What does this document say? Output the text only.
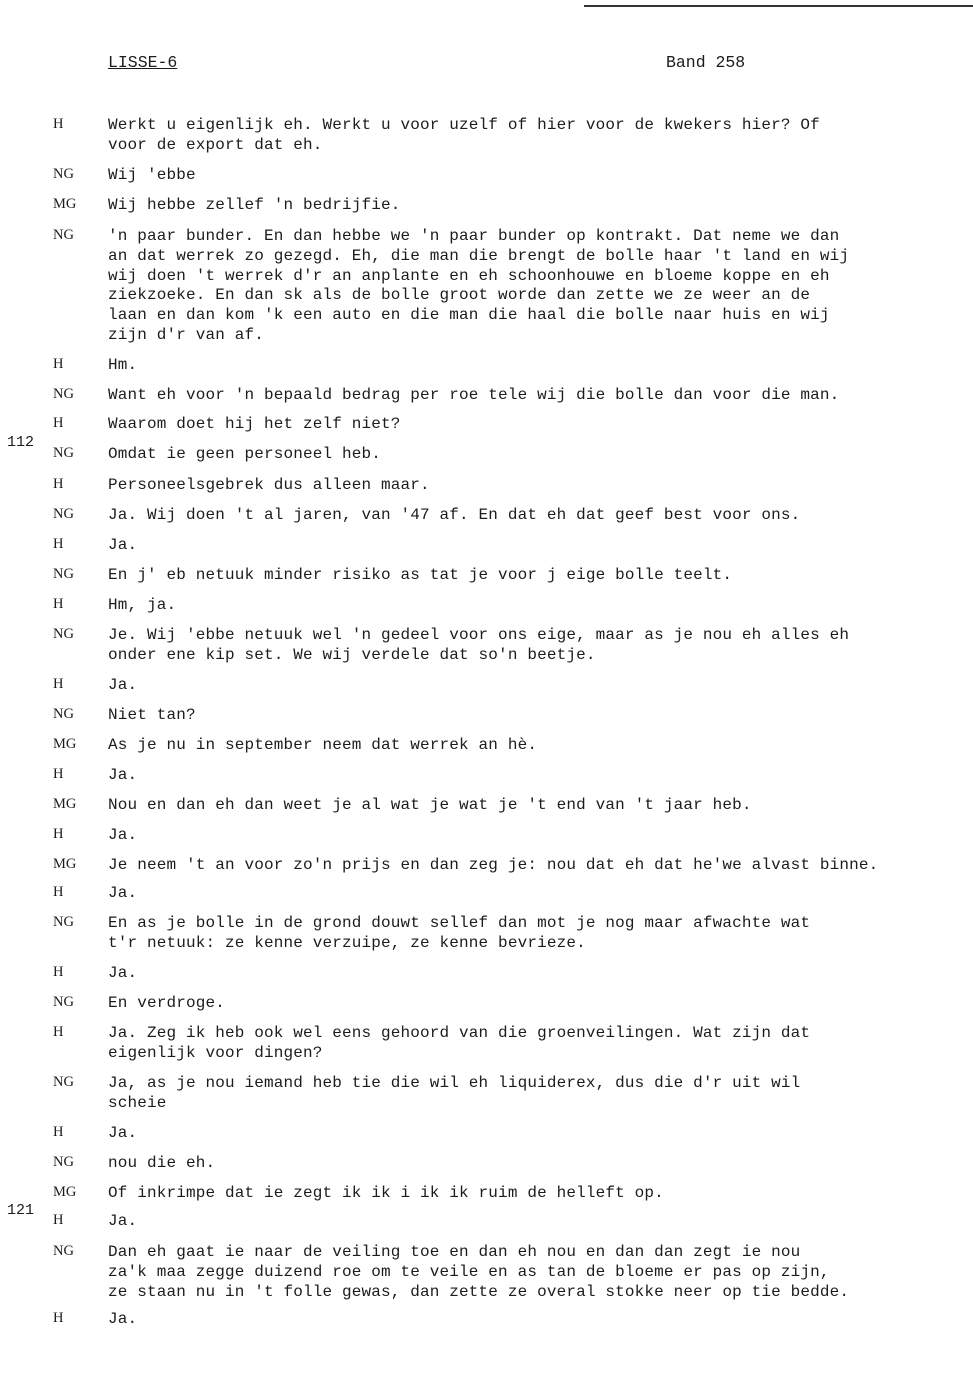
LISSE-6	Band 258
112
121
H	Werkt u eigenlijk eh. Werkt u voor uzelf of hier voor de kwekers hier? Of
voor de export dat eh.
NG Wij 'ebbe
MG Wij hebbe zellef 'n bedrijfie.
NG 'n paar bunder. En dan hebbe we 'n paar bunder op kontrakt. Dat neme we dan
an dat werrek zo gezegd. Eh, die man die brengt de bolle haar 't land en wij
wij doen 't werrek d'r an anplante en eh schoonhouwe en bloeme koppe en eh
ziekzoeke. En dan sk als de bolle groot worde dan zette we ze weer an de
laan en dan kom 'k een auto en die man die haal die bolle naar huis en wij
zijn d'r van af.
H	Hm.
NG Want eh voor 'n bepaald bedrag per roe tele wij die bolle dan voor die man.
H	Waarom doet hij het zelf niet?
NG Omdat ie geen personeel heb.
H	Personeelsgebrek dus alleen maar.
NG Ja. Wij doen 't al jaren, van '47 af. En dat eh dat geef best voor ons.
H	Ja.
NG En j' eb netuuk minder risiko as tat je voor j eige bolle teelt.
H	Hm, ja.
NG Je. Wij 'ebbe netuuk wel 'n gedeel voor ons eige, maar as je nou eh alles eh
onder ene kip set. We wij verdele dat so'n beetje.
H	Ja.
NG Niet tan?
MG As je nu in september neem dat werrek an hè.
H	Ja.
MG Nou en dan eh dan weet je al wat je wat je 't end van 't jaar heb.
H	Ja.
MG Je neem 't an voor zo'n prijs en dan zeg je: nou dat eh dat he'we alvast binne.
H	Ja.
NG En as je bolle in de grond douwt sellef dan mot je nog maar afwachte wat
t'r netuuk: ze kenne verzuipe, ze kenne bevrieze.
H	Ja.
NG En verdroge.
H	Ja. Zeg ik heb ook wel eens gehoord van die groenveilingen. Wat zijn dat
eigenlijk voor dingen?
NG Ja, as je nou iemand heb tie die wil eh liquiderex, dus die d'r uit wil
scheie
H	Ja.
NG nou die eh.
MG Of inkrimpe dat ie zegt ik ik i ik ik ruim de helleft op.
H	Ja.
NG Dan eh gaat ie naar de veiling toe en dan eh nou en dan dan zegt ie nou
za'k maa zegge duizend roe om te veile en as tan de bloeme er pas op zijn,
ze staan nu in 't folle gewas, dan zette ze overal stokke neer op tie bedde.
H	Ja.
